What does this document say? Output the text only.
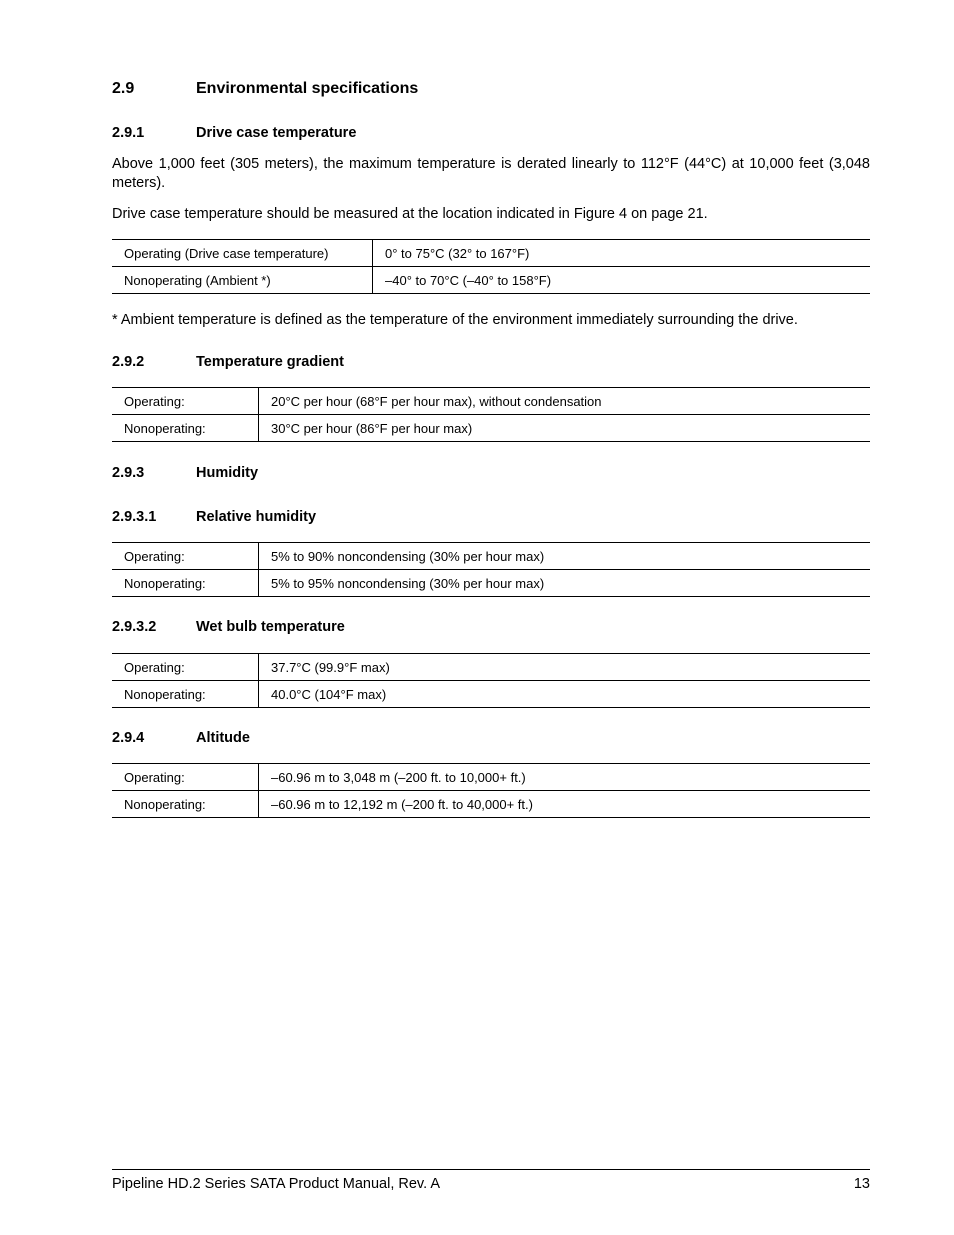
2.9	Environmental specifications
2.9.1	Drive case temperature
Above 1,000 feet (305 meters), the maximum temperature is derated linearly to 112°F (44°C) at 10,000 feet (3,048 meters).
Drive case temperature should be measured at the location indicated in Figure 4 on page 21.
Operating (Drive case temperature)	0° to 75°C (32° to 167°F)
Nonoperating (Ambient *)	–40° to 70°C (–40° to 158°F)
* Ambient temperature is defined as the temperature of the environment immediately surrounding the drive.
2.9.2	Temperature gradient
Operating:	20°C per hour (68°F per hour max), without condensation
Nonoperating:	30°C per hour (86°F per hour max)
2.9.3	Humidity
2.9.3.1	Relative humidity
Operating:	5% to 90% noncondensing (30% per hour max)
Nonoperating:	5% to 95% noncondensing (30% per hour max)
2.9.3.2	Wet bulb temperature
Operating:	37.7°C (99.9°F max)
Nonoperating:	40.0°C (104°F max)
2.9.4	Altitude
Operating:	–60.96 m to 3,048 m (–200 ft. to 10,000+ ft.)
Nonoperating:	–60.96 m to 12,192 m (–200 ft. to 40,000+ ft.)
Pipeline HD.2 Series SATA Product Manual, Rev. A	13
